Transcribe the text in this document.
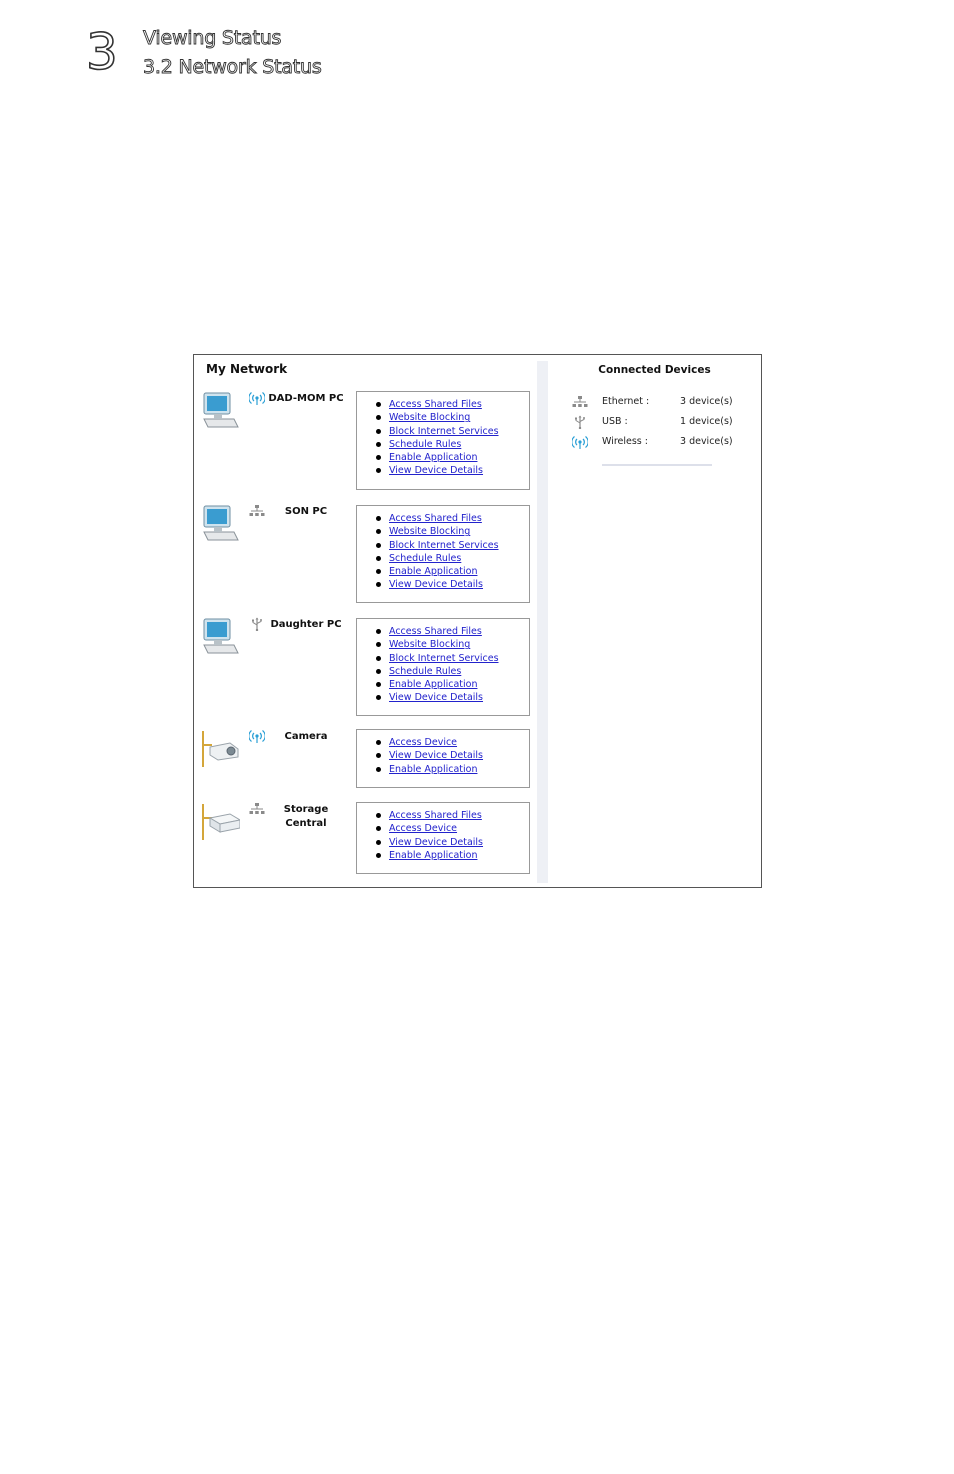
3 Viewing Status
3.2 Network Status
My Network
DAD-MOM PC
Access Shared Files
Website Blocking
Block Internet Services
Schedule Rules
Enable Application
View Device Details
SON PC
Access Shared Files
Website Blocking
Block Internet Services
Schedule Rules
Enable Application
View Device Details
Daughter PC
Access Shared Files
Website Blocking
Block Internet Services
Schedule Rules
Enable Application
View Device Details
Camera
Access Device
View Device Details
Enable Application
Storage
Central
Access Shared Files
Access Device
View Device Details
Enable Application
Connected Devices
Ethernet :	3 device(s)
USB :	1 device(s)
Wireless :	3 device(s)
